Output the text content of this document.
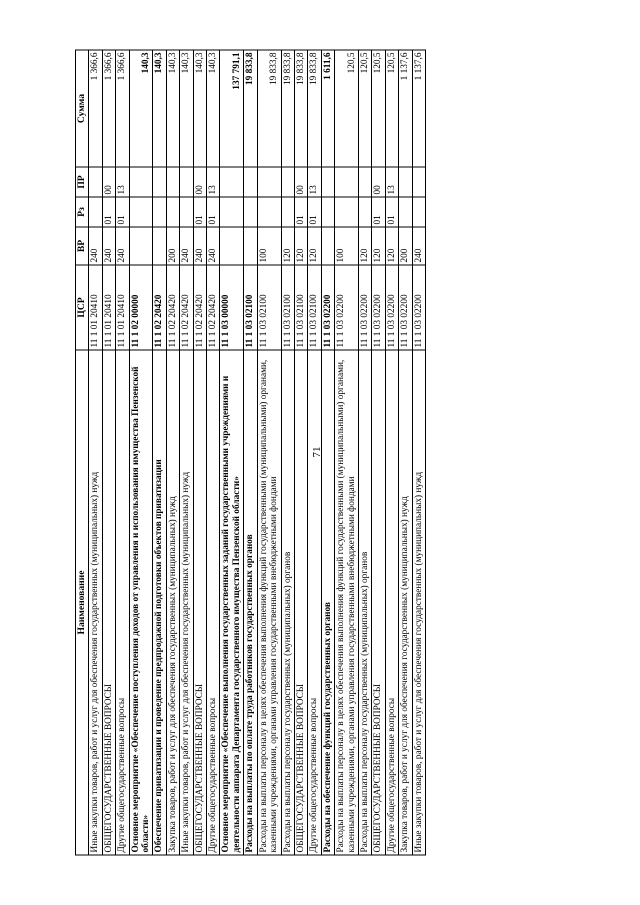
71
Наименование	ЦСР	ВР	Рз	ПР	Сумма
Иные закупки товаров, работ и услуг для обеспечения государственных (муниципальных) нужд	11 1 01 20410	240			1 366,6
ОБЩЕГОСУДАРСТВЕННЫЕ ВОПРОСЫ	11 1 01 20410	240	01	00	1 366,6
Другие общегосударственные вопросы	11 1 01 20410	240	01	13	1 366,6
Основное мероприятие «Обеспечение поступления доходов от управления и использования имущества Пензенской области»	11 1 02 00000				140,3
Обеспечение приватизации и проведение предпродажной подготовки объектов приватизации	11 1 02 20420				140,3
Закупка товаров, работ и услуг для обеспечения государственных (муниципальных) нужд	11 1 02 20420	200			140,3
Иные закупки товаров, работ и услуг для обеспечения государственных (муниципальных) нужд	11 1 02 20420	240			140,3
ОБЩЕГОСУДАРСТВЕННЫЕ ВОПРОСЫ	11 1 02 20420	240	01	00	140,3
Другие общегосударственные вопросы	11 1 02 20420	240	01	13	140,3
Основное мероприятие «Обеспечение выполнения государственных заданий государственными учреждениями и деятельности аппарата Департамента государственного имущества Пензенской области»	11 1 03 00000				137 791,1
Расходы на выплаты по оплате труда работников государственных органов	11 1 03 02100				19 833,8
Расходы на выплаты персоналу в целях обеспечения выполнения функций государственными (муниципальными) органами, казенными учреждениями, органами управления государственными внебюджетными фондами	11 1 03 02100	100			19 833,8
Расходы на выплаты персоналу государственных (муниципальных) органов	11 1 03 02100	120			19 833,8
ОБЩЕГОСУДАРСТВЕННЫЕ ВОПРОСЫ	11 1 03 02100	120	01	00	19 833,8
Другие общегосударственные вопросы	11 1 03 02100	120	01	13	19 833,8
Расходы на обеспечение функций государственных органов	11 1 03 02200				1 611,6
Расходы на выплаты персоналу в целях обеспечения выполнения функций государственными (муниципальными) органами, казенными учреждениями, органами управления государственными внебюджетными фондами	11 1 03 02200	100			120,5
Расходы на выплаты персоналу государственных (муниципальных) органов	11 1 03 02200	120			120,5
ОБЩЕГОСУДАРСТВЕННЫЕ ВОПРОСЫ	11 1 03 02200	120	01	00	120,5
Другие общегосударственные вопросы	11 1 03 02200	120	01	13	120,5
Закупка товаров, работ и услуг для обеспечения государственных (муниципальных) нужд	11 1 03 02200	200			1 137,6
Иные закупки товаров, работ и услуг для обеспечения государственных (муниципальных) нужд	11 1 03 02200	240			1 137,6
